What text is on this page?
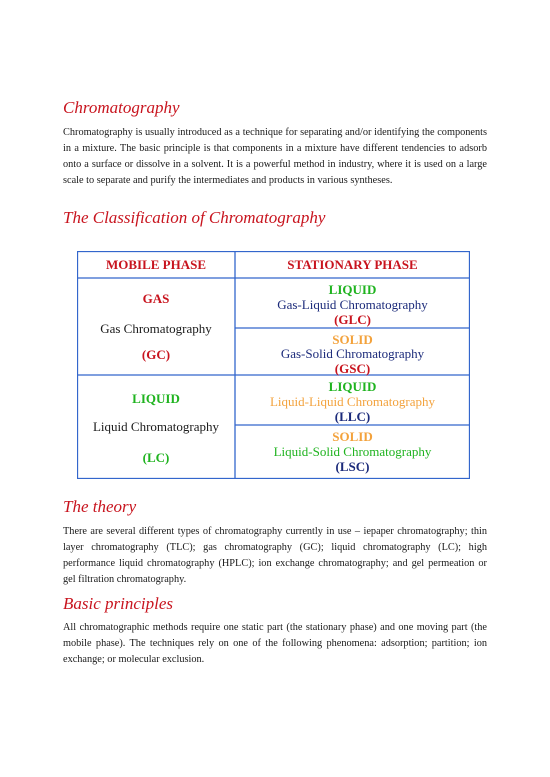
Chromatography

Chromatography is usually introduced as a technique for separating and/or identifying the components in a mixture. The basic principle is that components in a mixture have different tendencies to adsorb onto a surface or dissolve in a solvent. It is a powerful method in industry, where it is used on a large scale to separate and purify the intermediates and products in various syntheses.

The Classification of Chromatography
MOBILE PHASE	STATIONARY PHASE
GAS
Gas Chromatography
(GC)
LIQUID
Gas-Liquid Chromatography
(GLC)
SOLID
Gas-Solid Chromatography
(GSC)
LIQUID
Liquid Chromatography
(LC)
LIQUID
Liquid-Liquid Chromatography
(LLC)
SOLID
Liquid-Solid Chromatography
(LSC)
The theory

There are several different types of chromatography currently in use – iepaper chromatography; thin layer chromatography (TLC); gas chromatography (GC); liquid chromatography (LC); high performance liquid chromatography (HPLC); ion exchange chromatography; and gel permeation or gel filtration chromatography.

Basic principles

All chromatographic methods require one static part (the stationary phase) and one moving part (the mobile phase). The techniques rely on one of the following phenomena: adsorption; partition; ion exchange; or molecular exclusion.
